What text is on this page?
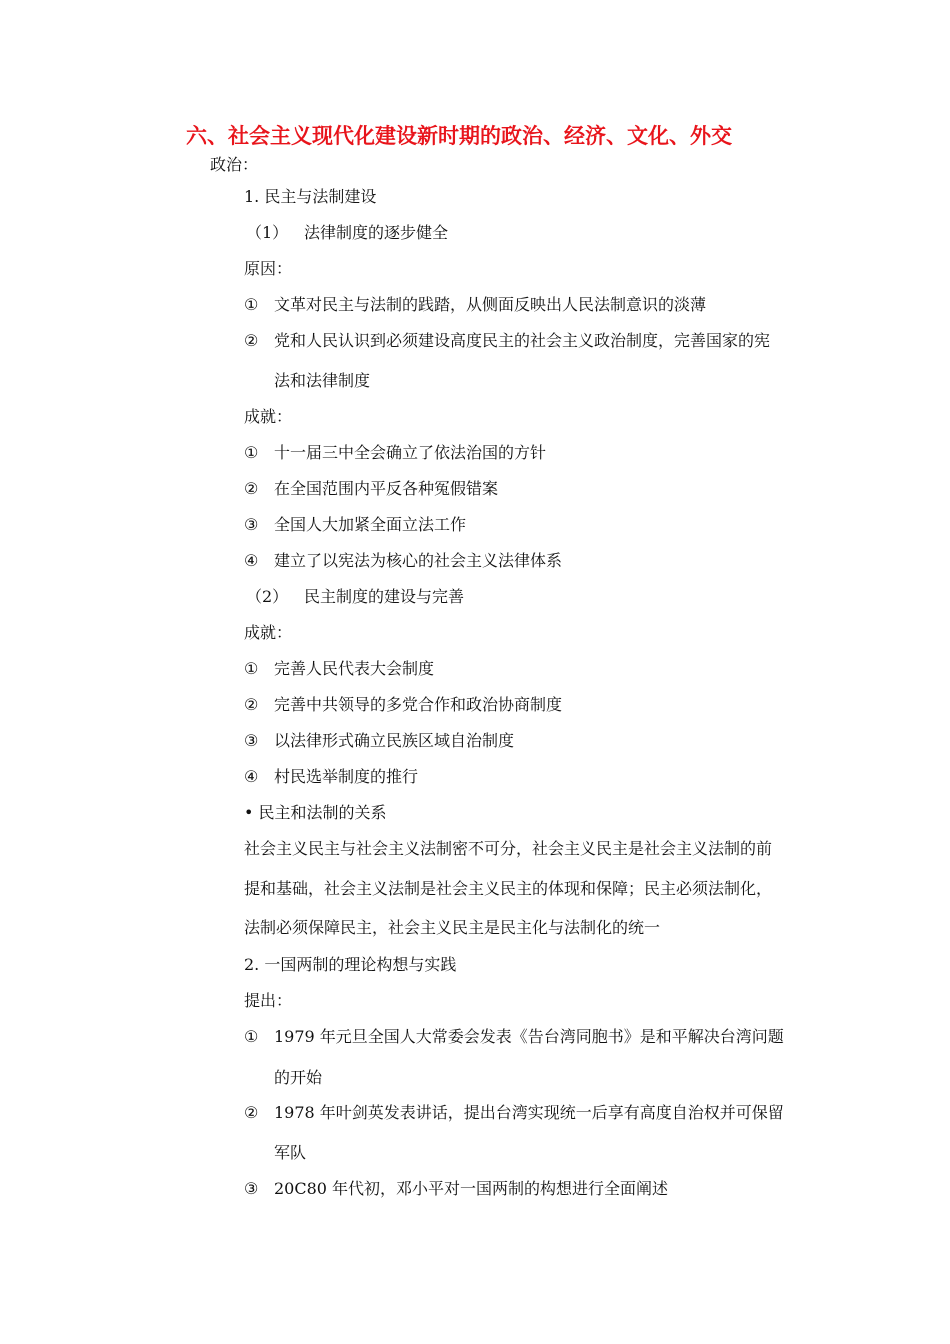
六、社会主义现代化建设新时期的政治、经济、文化、外交
政治：
1. 民主与法制建设
（1） 法律制度的逐步健全
原因：
① 文革对民主与法制的践踏，从侧面反映出人民法制意识的淡薄
② 党和人民认识到必须建设高度民主的社会主义政治制度，完善国家的宪
法和法律制度
成就：
① 十一届三中全会确立了依法治国的方针
② 在全国范围内平反各种冤假错案
③ 全国人大加紧全面立法工作
④ 建立了以宪法为核心的社会主义法律体系
（2） 民主制度的建设与完善
成就：
① 完善人民代表大会制度
② 完善中共领导的多党合作和政治协商制度
③ 以法律形式确立民族区域自治制度
④ 村民选举制度的推行
• 民主和法制的关系

社会主义民主与社会主义法制密不可分，社会主义民主是社会主义法制的前

提和基础，社会主义法制是社会主义民主的体现和保障；民主必须法制化，

法制必须保障民主，社会主义民主是民主化与法制化的统一

2. 一国两制的理论构想与实践
提出：
① 1979 年元旦全国人大常委会发表《告台湾同胞书》是和平解决台湾问题
的开始
② 1978 年叶剑英发表讲话，提出台湾实现统一后享有高度自治权并可保留
军队
③ 20C80 年代初，邓小平对一国两制的构想进行全面阐述
